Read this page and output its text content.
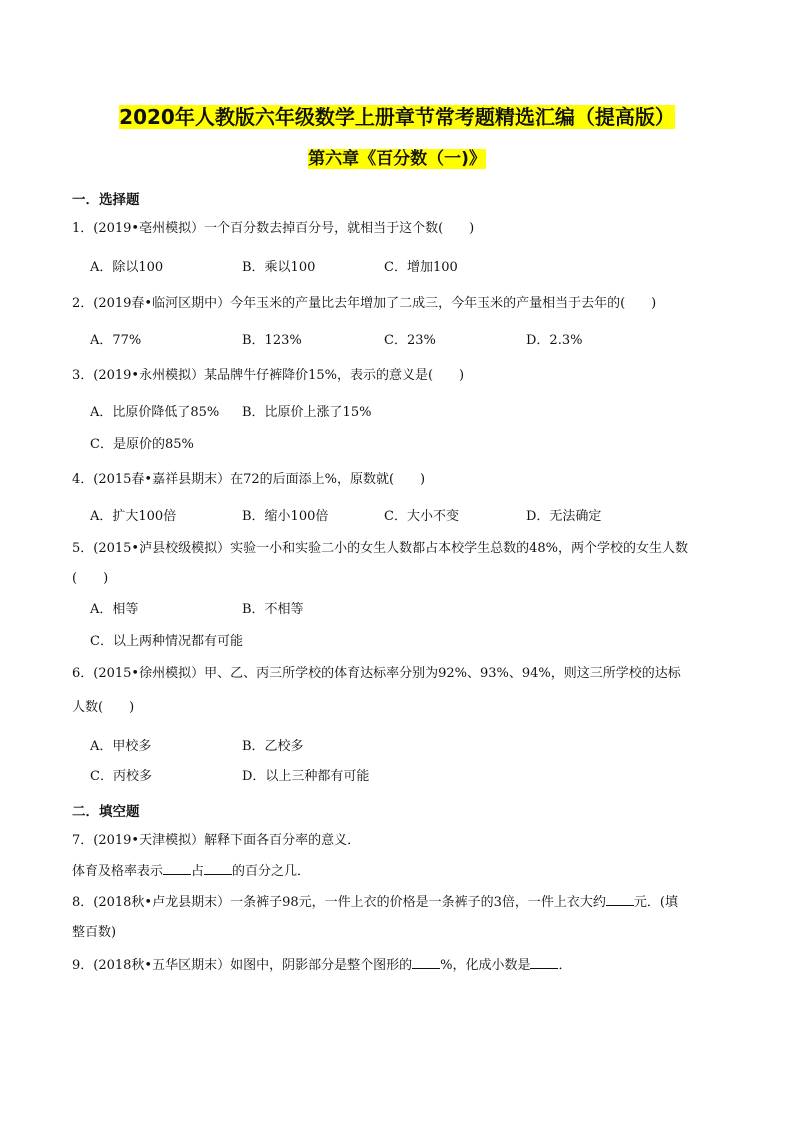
2020年人教版六年级数学上册章节常考题精选汇编（提高版）
第六章《百分数（一)》
一．选择题
1．(2019•亳州模拟）一个百分数去掉百分号，就相当于这个数(　　)
A．除以100	B．乘以100	C．增加100
2．(2019春•临河区期中）今年玉米的产量比去年增加了二成三，今年玉米的产量相当于去年的(　　)
A．77%	B．123%	C．23%	D．2.3%
3．(2019•永州模拟）某品牌牛仔裤降价15%，表示的意义是(　　)
A．比原价降低了85% B．比原价上涨了15%
C．是原价的85%
4．(2015春•嘉祥县期末）在72的后面添上%，原数就(　　)
A．扩大100倍	B．缩小100倍	C．大小不变	D．无法确定
5．(2015•泸县校级模拟）实验一小和实验二小的女生人数都占本校学生总数的48%，两个学校的女生人数
(　　)
A．相等	B．不相等
C．以上两种情况都有可能
6．(2015•徐州模拟）甲、乙、丙三所学校的体育达标率分别为92%、93%、94%，则这三所学校的达标
人数(　　)
A．甲校多	B．乙校多
C．丙校多	D．以上三种都有可能
二．填空题
7．(2019•天津模拟）解释下面各百分率的意义．
体育及格率表示 占 的百分之几．
8．(2018秋•卢龙县期末）一条裤子98元，一件上衣的价格是一条裤子的3倍，一件上衣大约 元．(填
整百数)
9．(2018秋•五华区期末）如图中，阴影部分是整个图形的 %，化成小数是 ．
